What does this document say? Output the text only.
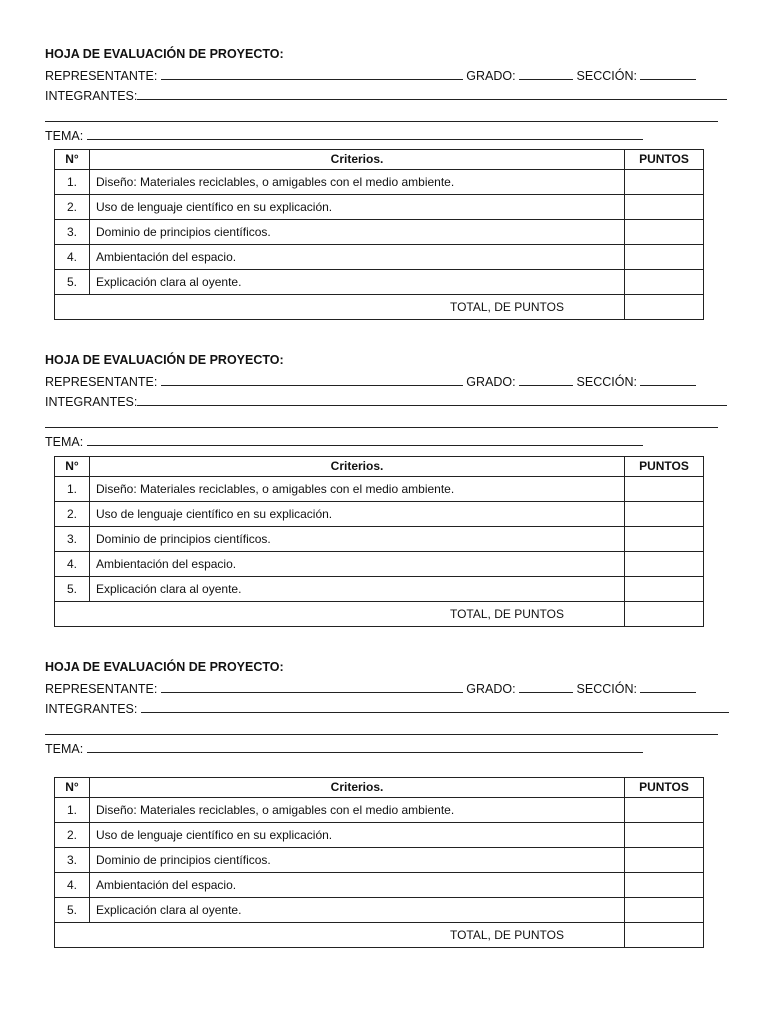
HOJA DE EVALUACIÓN DE PROYECTO:
REPRESENTANTE:	GRADO:	SECCIÓN:
INTEGRANTES:
TEMA:
N°	Criterios.	PUNTOS
1.	Diseño: Materiales reciclables, o amigables con el medio ambiente.	
2.	Uso de lenguaje científico en su explicación.	
3.	Dominio de principios científicos.	
4.	Ambientación del espacio.	
5.	Explicación clara al oyente.	
TOTAL, DE PUNTOS		
HOJA DE EVALUACIÓN DE PROYECTO:
REPRESENTANTE:	GRADO:	SECCIÓN:
INTEGRANTES:
TEMA:
N°	Criterios.	PUNTOS
1.	Diseño: Materiales reciclables, o amigables con el medio ambiente.	
2.	Uso de lenguaje científico en su explicación.	
3.	Dominio de principios científicos.	
4.	Ambientación del espacio.	
5.	Explicación clara al oyente.	
TOTAL, DE PUNTOS		
HOJA DE EVALUACIÓN DE PROYECTO:
REPRESENTANTE:	GRADO:	SECCIÓN:
INTEGRANTES:
TEMA:
N°	Criterios.	PUNTOS
1.	Diseño: Materiales reciclables, o amigables con el medio ambiente.	
2.	Uso de lenguaje científico en su explicación.	
3.	Dominio de principios científicos.	
4.	Ambientación del espacio.	
5.	Explicación clara al oyente.	
TOTAL, DE PUNTOS		
